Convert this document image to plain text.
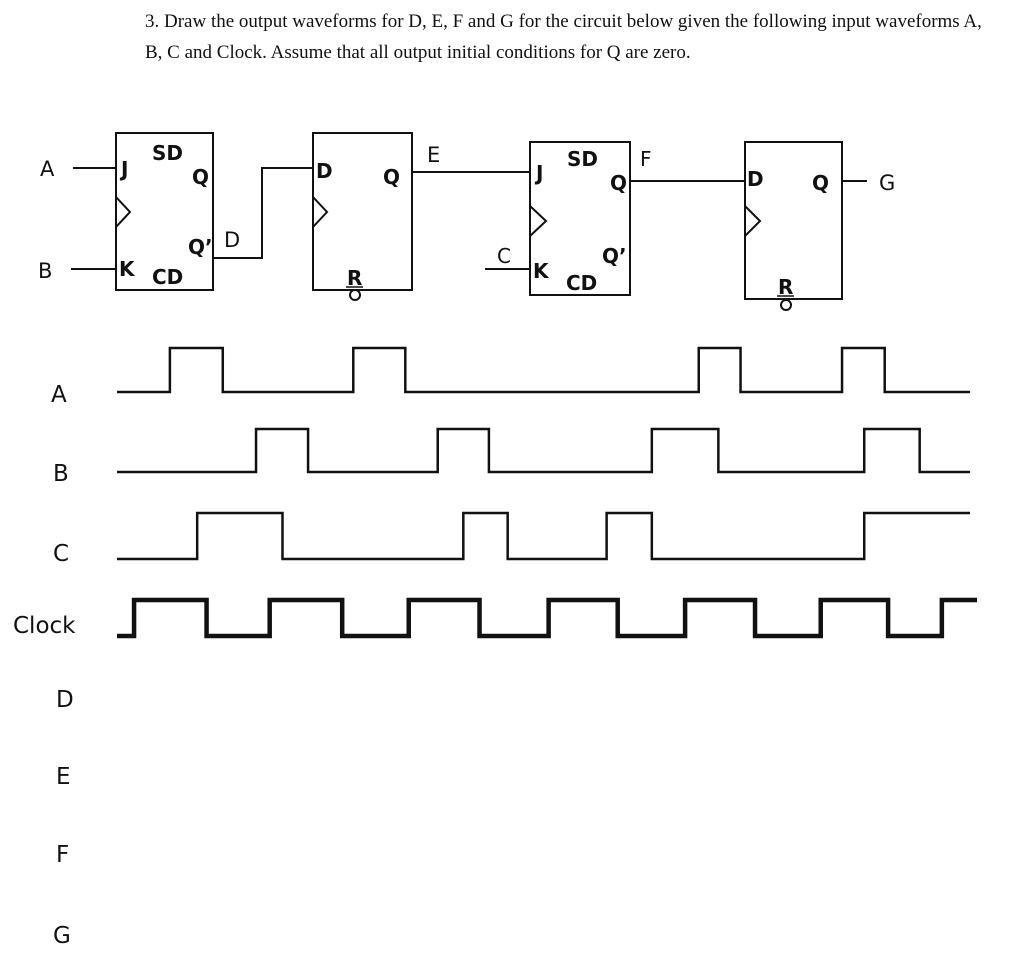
3. Draw the output waveforms for D, E, F and G for the circuit below given the following input waveforms A, B, C and Clock. Assume that all output initial conditions for Q are zero.

A
B
J
SD
Q
Q’
K CD
D
D	Q
R
E
J
SD
Q
Q’
K CD
C
F
D Q
R
G
A
B
C
Clock
D
E
F
G
